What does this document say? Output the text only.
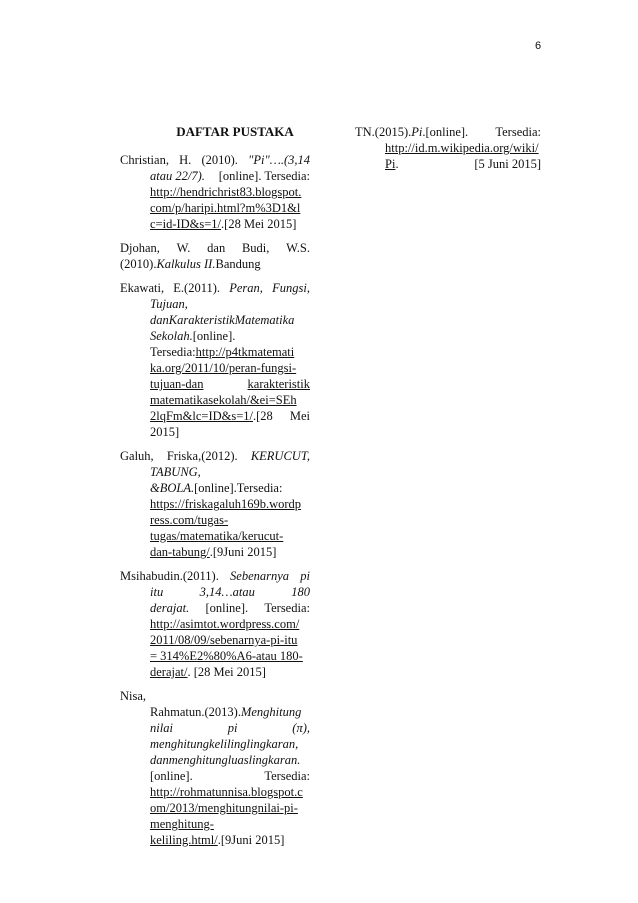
6
DAFTAR PUSTAKA
Christian, H. (2010). "Pi"….(3,14
atau 22/7). [online]. Tersedia:
http://hendrichrist83.blogspot.
com/p/haripi.html?m%3D1&l
c=id-ID&s=1/.[28 Mei 2015]
Djohan, W. dan Budi, W.S.
(2010).Kalkulus II.Bandung
Ekawati, E.(2011). Peran, Fungsi,
Tujuan,
danKarakteristikMatematika
Sekolah.[online].
Tersedia:http://p4tkmatemati
ka.org/2011/10/peran-fungsi-
tujuan-dan	karakteristik
matematikasekolah/&ei=SEh
2lqFm&lc=ID&s=1/.[28 Mei
2015]
Galuh, Friska,(2012). KERUCUT,
TABUNG,
&BOLA.[online].Tersedia:
https://friskagaluh169b.wordp
ress.com/tugas-
tugas/matematika/kerucut-
dan-tabung/.[9Juni 2015]
Msihabudin.(2011). Sebenarnya pi
itu	3,14…atau	180
derajat. [online]. Tersedia:
http://asimtot.wordpress.com/
2011/08/09/sebenarnya-pi-itu
= 314%E2%80%A6-atau 180-
derajat/. [28 Mei 2015]
Nisa,
Rahmatun.(2013).Menghitung
nilai	pi	(π),
menghitungkelilinglingkaran,
danmenghitungluaslingkaran.
[online].	Tersedia:
http://rohmatunnisa.blogspot.c
om/2013/menghitungnilai-pi-
menghitung-
keliling.html/.[9Juni 2015]
TN.(2015).Pi.[online]. Tersedia:
http://id.m.wikipedia.org/wiki/
Pi.	[5 Juni 2015]
